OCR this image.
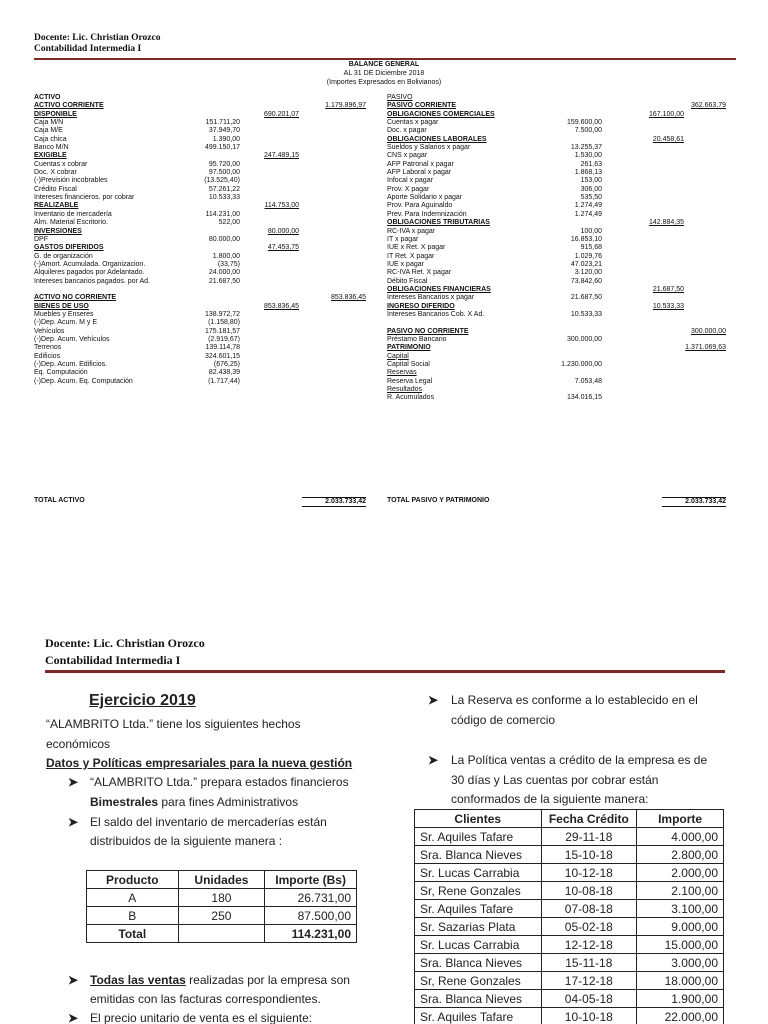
Docente: Lic. Christian Orozco
Contabilidad Intermedia I
BALANCE GENERAL
AL 31 DE Diciembre 2018
(Importes Expresados en Bolivianos)
ACTIVO
ACTIVO CORRIENTE	1.179.896,97
DISPONIBLE	690.201,07
Caja M/N	151.711,20
Caja M/E	37.949,70
Caja chica	1.390,00
Banco M/N	499.150,17
EXIGIBLE	247.489,15
Cuentas x cobrar	95.720,00
Doc. X cobrar	97.500,00
(-)Previsión incobrables	(13.525,40)
Crédito Fiscal	57.261,22
Intereses financieros. por cobrar	10.533,33
REALIZABLE	114.753,00
Inventario de mercadería	114.231,00
Alm. Material Escritorio.	522,00
INVERSIONES	80.000,00
DPF	80.000,00
GASTOS DIFERIDOS	47.453,75
G. de organización	1.800,00
(-)Amort. Acumulada. Organizacion.	(33,75)
Alquileres pagados por Adelantado.	24.000,00
Intereses bancarios pagados. por Ad.	21.687,50
ACTIVO NO CORRIENTE	853.836,45
BIENES DE USO	853.836,45
Muebles y Enseres	138.972,72
(-)Dep. Acum. M y E	(1.158,80)
Vehículos	175.181,57
(-)Dep. Acum. Vehículos	(2.919,67)
Terrenos	139.114,78
Edificios	324.601,15
(-)Dep. Acum. Edificios.	(676,25)
Eq. Computación	82.438,39
(-)Dep. Acum. Eq. Computación	(1.717,44)
PASIVO
PASIVO CORRIENTE	362.663,79
OBLIGACIONES COMERCIALES	167.100,00
Cuentas x pagar	159.600,00
Doc. x pagar	7.500,00
OBLIGACIONES LABORALES	20.458,61
Sueldos y Salarios x pagar	13.255,37
CNS x pagar	1.530,00
AFP Patronal x pagar	261,63
AFP Laboral x pagar	1.868,13
Infocal x pagar	153,00
Prov. X pagar	306,00
Aporte Solidario x pagar	535,50
Prov. Para Aguinaldo	1.274,49
Prev. Para Indemnización	1.274,49
OBLIGACIONES TRIBUTARIAS	142.884,35
RC-IVA x pagar	100,00
IT x pagar	16.853,10
IUE x Ret. X pagar	915,68
IT Ret. X pagar	1.029,76
IUE x pagar	47.023,21
RC-IVA Ret. X pagar	3.120,00
Débito Fiscal	73.842,60
OBLIGACIONES FINANCIERAS	21.687,50
Intereses Bancarios x pagar	21.687,50
INGRESO DIFERIDO	10.533,33
Intereses Bancarios Cob. X Ad.	10.533,33
PASIVO NO CORRIENTE	300.000,00
Préstamo Bancario	300.000,00
PATRIMONIO	1.371.069,63
Capital
Capital Social	1.230.000,00
Reservas
Reserva Legal	7.053,48
Resultados
R. Acumulados	134.016,15
TOTAL ACTIVO	2.033.733,42	TOTAL PASIVO Y PATRIMONIO	2.033.733,42
Docente: Lic. Christian Orozco
Contabilidad Intermedia I
Ejercicio 2019
“ALAMBRITO Ltda.” tiene los siguientes hechos
económicos
Datos y Políticas empresariales para la nueva gestión
➤ “ALAMBRITO Ltda.” prepara estados financieros
Bimestrales para fines Administrativos
➤ El saldo del inventario de mercaderías están
distribuidos de la siguiente manera :
Producto	Unidades	Importe (Bs)
A	180	26.731,00
B	250	87.500,00
Total		114.231,00
➤ Todas las ventas realizadas por la empresa son
emitidas con las facturas correspondientes.
➤ El precio unitario de venta es el siguiente:
➤ La Reserva es conforme a lo establecido en el
código de comercio
➤ La Política ventas a crédito de la empresa es de
30 días y Las cuentas por cobrar están
conformados de la siguiente manera:
Clientes	Fecha Crédito	Importe
Sr. Aquiles Tafare	29-11-18	4.000,00
Sra. Blanca Nieves	15-10-18	2.800,00
Sr. Lucas Carrabia	10-12-18	2.000,00
Sr, Rene Gonzales	10-08-18	2.100,00
Sr. Aquiles Tafare	07-08-18	3.100,00
Sr. Sazarias Plata	05-02-18	9.000,00
Sr. Lucas Carrabia	12-12-18	15.000,00
Sra. Blanca Nieves	15-11-18	3.000,00
Sr, Rene Gonzales	17-12-18	18.000,00
Sra. Blanca Nieves	04-05-18	1.900,00
Sr. Aquiles Tafare	10-10-18	22.000,00
